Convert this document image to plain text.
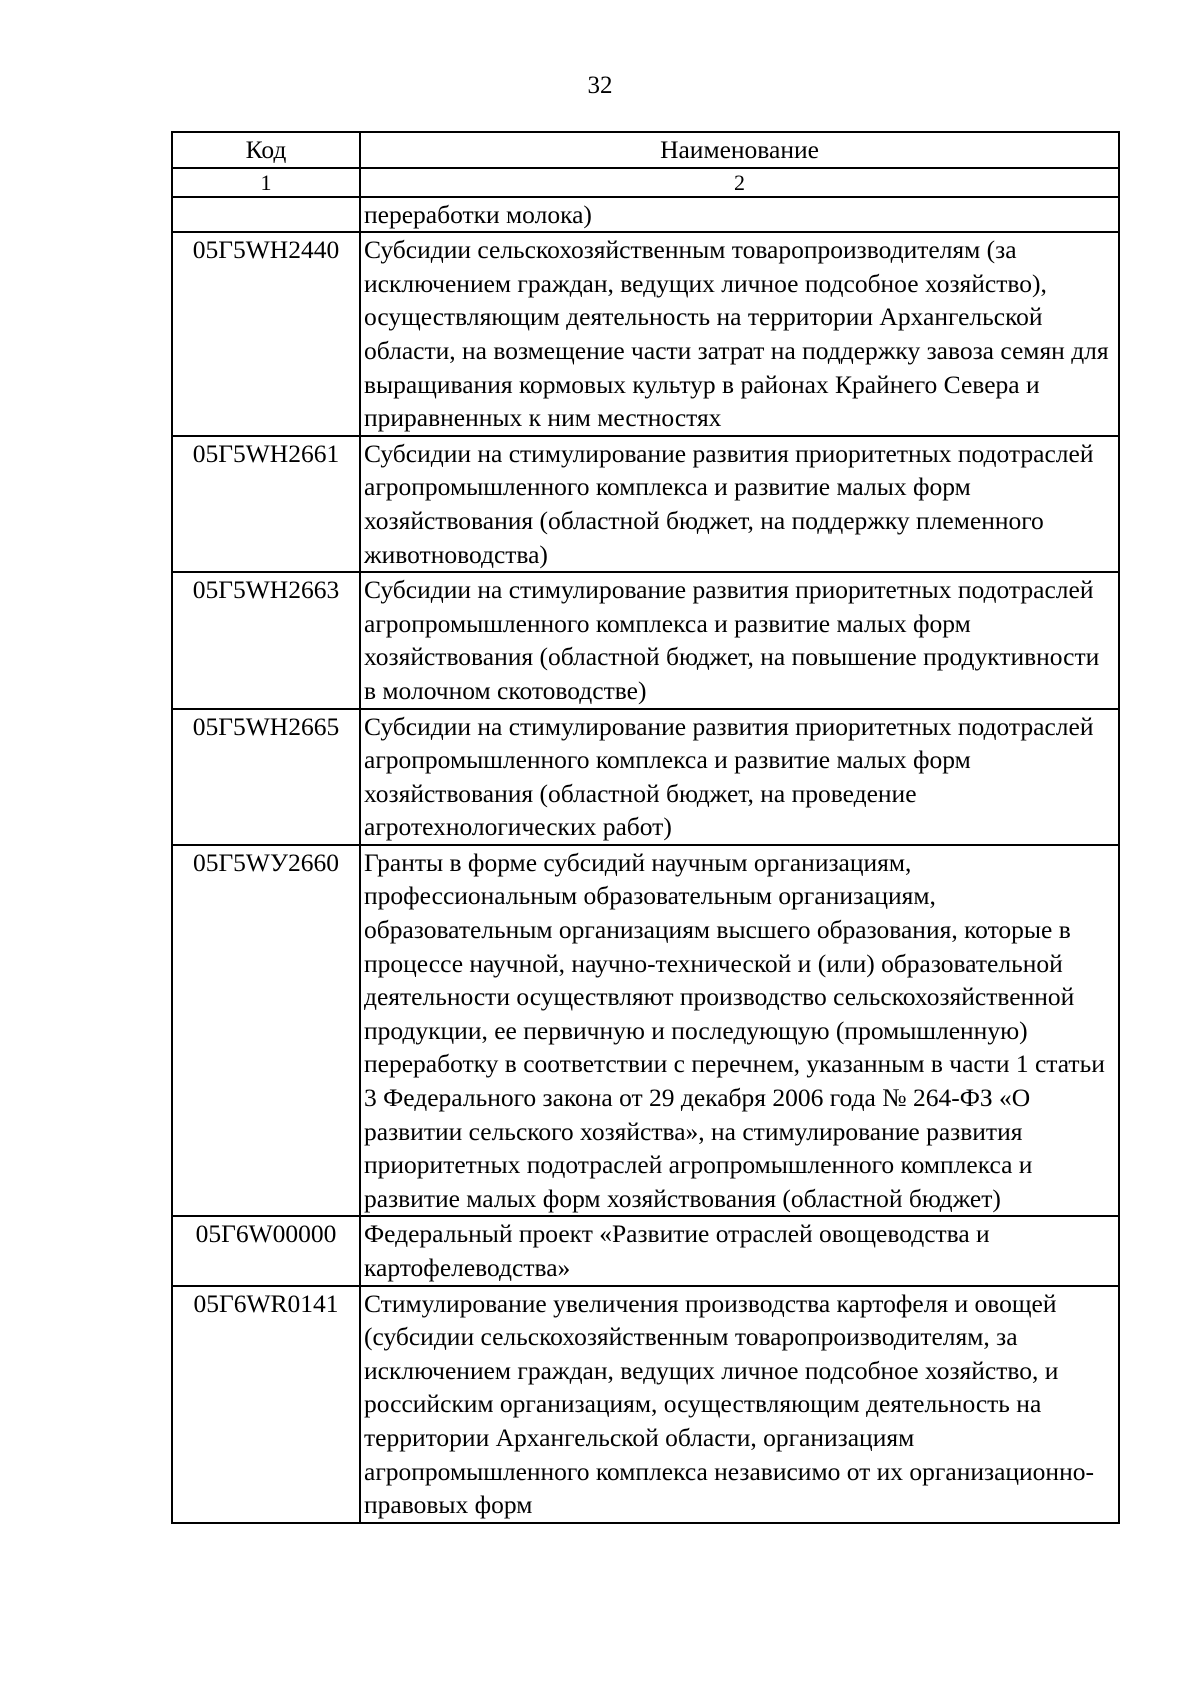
32
Код	Наименование
1	2
	переработки молока)
05Г5WH2440	Субсидии сельскохозяйственным товаропроизводителям (за исключением граждан, ведущих личное подсобное хозяйство), осуществляющим деятельность на территории Архангельской области, на возмещение части затрат на поддержку завоза семян для выращивания кормовых культур в районах Крайнего Севера и приравненных к ним местностях
05Г5WH2661	Субсидии на стимулирование развития приоритетных подотраслей агропромышленного комплекса и развитие малых форм хозяйствования (областной бюджет, на поддержку племенного животноводства)
05Г5WH2663	Субсидии на стимулирование развития приоритетных подотраслей агропромышленного комплекса и развитие малых форм хозяйствования (областной бюджет, на повышение продуктивности в молочном скотоводстве)
05Г5WH2665	Субсидии на стимулирование развития приоритетных подотраслей агропромышленного комплекса и развитие малых форм хозяйствования (областной бюджет, на проведение агротехнологических работ)
05Г5WУ2660	Гранты в форме субсидий научным организациям, профессиональным образовательным организациям, образовательным организациям высшего образования, которые в процессе научной, научно-технической и (или) образовательной деятельности осуществляют производство сельскохозяйственной продукции, ее первичную и последующую (промышленную) переработку в соответствии с перечнем, указанным в части 1 статьи 3 Федерального закона от 29 декабря 2006 года № 264-ФЗ «О развитии сельского хозяйства», на стимулирование развития приоритетных подотраслей агропромышленного комплекса и развитие малых форм хозяйствования (областной бюджет)
05Г6W00000	Федеральный проект «Развитие отраслей овощеводства и картофелеводства»
05Г6WR0141	Стимулирование увеличения производства картофеля и овощей (субсидии сельскохозяйственным товаропроизводителям, за исключением граждан, ведущих личное подсобное хозяйство, и российским организациям, осуществляющим деятельность на территории Архангельской области, организациям агропромышленного комплекса независимо от их организационно-правовых форм
